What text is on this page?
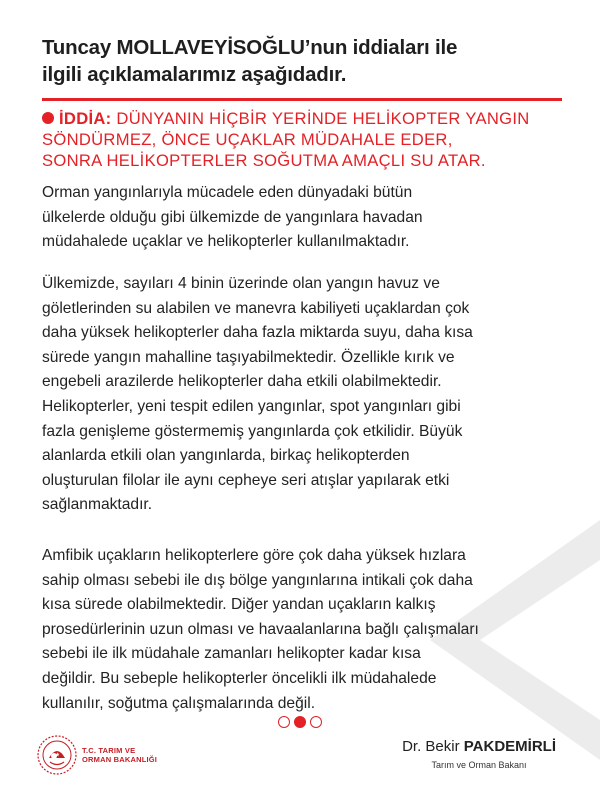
Tuncay MOLLAVEYİSOĞLU’nun iddiaları ile
ilgili açıklamalarımız aşağıdadır.
İDDİA: DÜNYANIN HİÇBİR YERİNDE HELİKOPTER YANGIN
SÖNDÜRMEZ, ÖNCE UÇAKLAR MÜDAHALE EDER,
SONRA HELİKOPTERLER SOĞUTMA AMAÇLI SU ATAR.
Orman yangınlarıyla mücadele eden dünyadaki bütün
ülkelerde olduğu gibi ülkemizde de yangınlara havadan
müdahalede uçaklar ve helikopterler kullanılmaktadır.
Ülkemizde, sayıları 4 binin üzerinde olan yangın havuz ve
göletlerinden su alabilen ve manevra kabiliyeti uçaklardan çok
daha yüksek helikopterler daha fazla miktarda suyu, daha kısa
sürede yangın mahalline taşıyabilmektedir. Özellikle kırık ve
engebeli arazilerde helikopterler daha etkili olabilmektedir.
Helikopterler, yeni tespit edilen yangınlar, spot yangınları gibi
fazla genişleme göstermemiş yangınlarda çok etkilidir. Büyük
alanlarda etkili olan yangınlarda, birkaç helikopterden
oluşturulan filolar ile aynı cepheye seri atışlar yapılarak etki
sağlanmaktadır.
Amfibik uçakların helikopterlere göre çok daha yüksek hızlara
sahip olması sebebi ile dış bölge yangınlarına intikali çok daha
kısa sürede olabilmektedir. Diğer yandan uçakların kalkış
prosedürlerinin uzun olması ve havaalanlarına bağlı çalışmaları
sebebi ile ilk müdahale zamanları helikopter kadar kısa
değildir. Bu sebeple helikopterler öncelikli ilk müdahalede
kullanılır, soğutma çalışmalarında değil.
T.C. TARIM VE
ORMAN BAKANLIĞI
Dr. Bekir PAKDEMİRLİ
Tarım ve Orman Bakanı
